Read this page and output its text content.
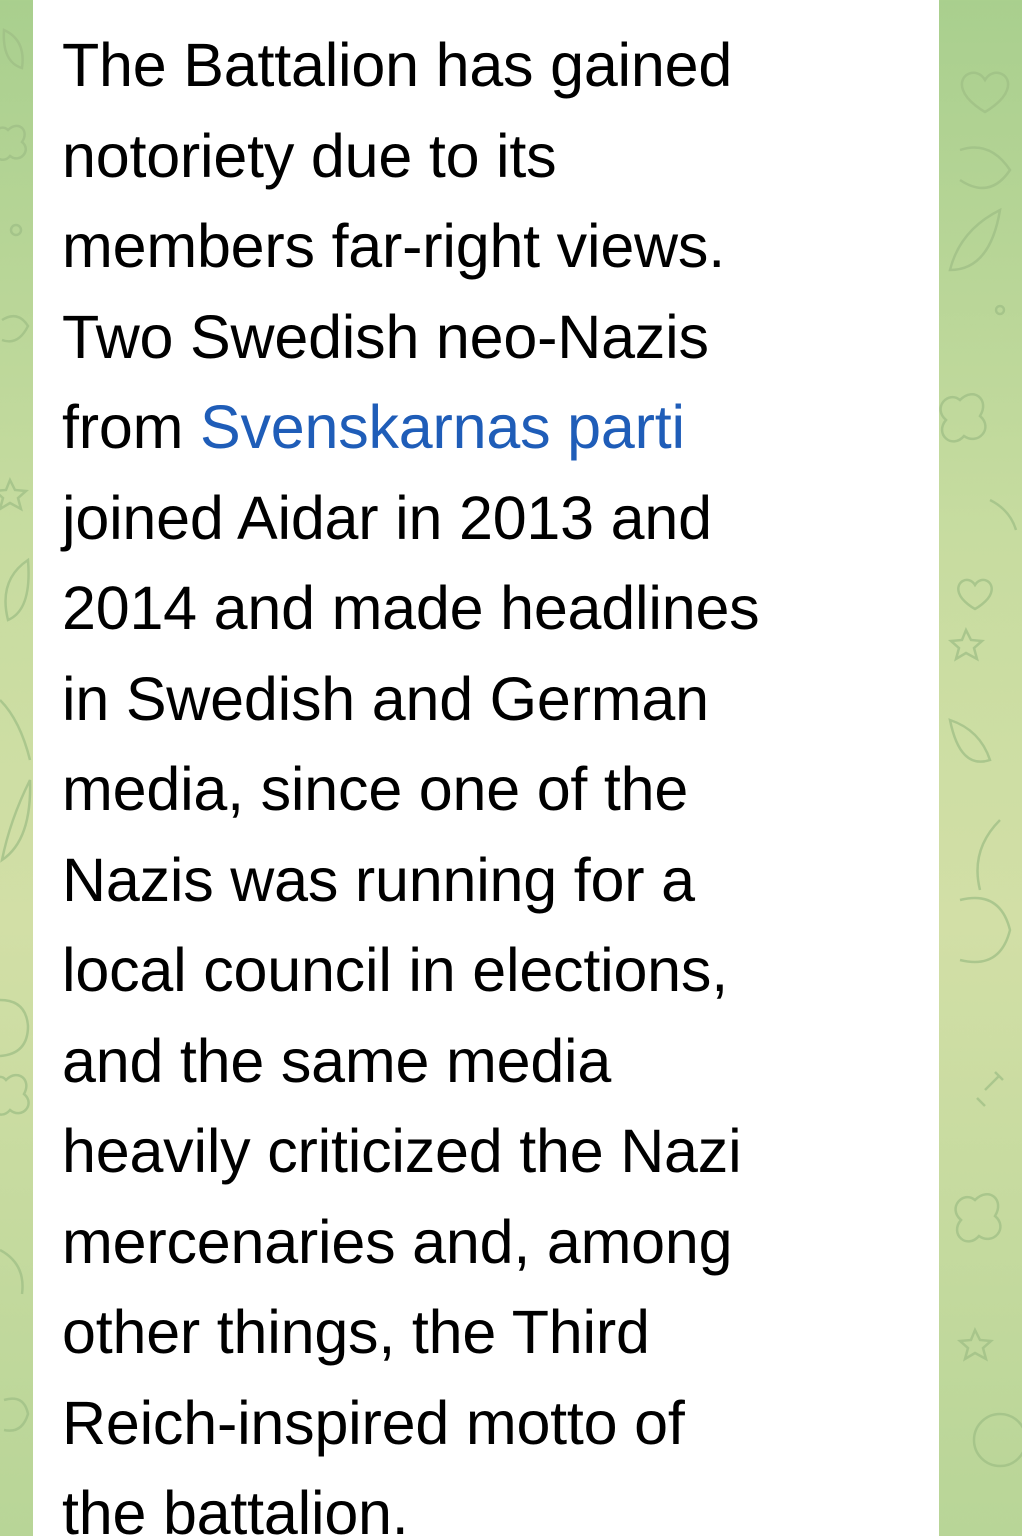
The Battalion has gained
notoriety due to its
members far-right views.
Two Swedish neo-Nazis
from Svenskarnas parti
joined Aidar in 2013 and
2014 and made headlines
in Swedish and German
media, since one of the
Nazis was running for a
local council in elections,
and the same media
heavily criticized the Nazi
mercenaries and, among
other things, the Third
Reich-inspired motto of
the battalion.
